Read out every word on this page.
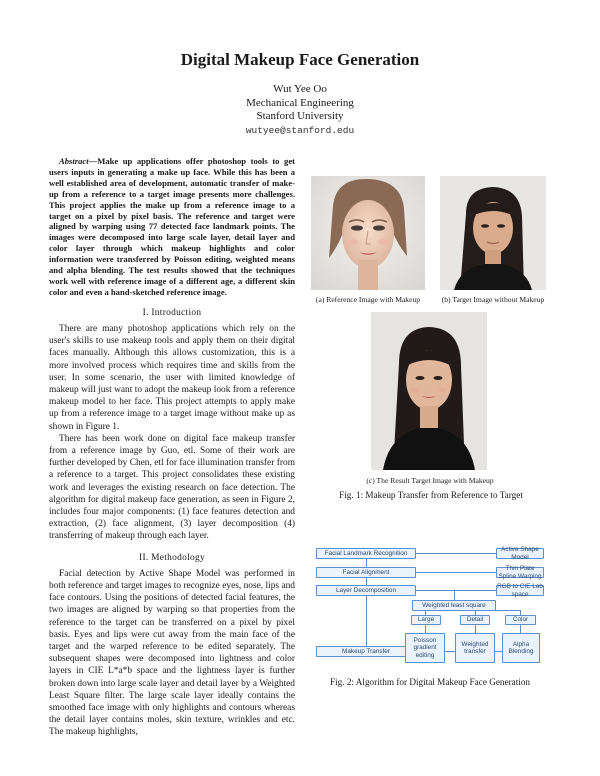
Digital Makeup Face Generation
Wut Yee Oo
Mechanical Engineering
Stanford University
wutyee@stanford.edu
Abstract—Make up applications offer photoshop tools to get users inputs in generating a make up face. While this has been a well established area of development, automatic transfer of make-up from a reference to a target image presents more challenges. This project applies the make up from a reference image to a target on a pixel by pixel basis. The reference and target were aligned by warping using 77 detected face landmark points. The images were decomposed into large scale layer, detail layer and color layer through which makeup highlights and color information were transferred by Poisson editing, weighted means and alpha blending. The test results showed that the techniques work well with reference image of a different age, a different skin color and even a hand-sketched reference image.
I. Introduction

There are many photoshop applications which rely on the user's skills to use makeup tools and apply them on their digital faces manually. Although this allows customization, this is a more involved process which requires time and skills from the user. In some scenario, the user with limited knowledge of makeup will just want to adopt the makeup look from a reference makeup model to her face. This project attempts to apply make up from a reference image to a target image without make up as shown in Figure 1.

There has been work done on digital face makeup transfer from a reference image by Guo, etl. Some of their work are further developed by Chen, etl for face illumination transfer from a reference to a target. This project consolidates these existing work and leverages the existing research on face detection. The algorithm for digital makeup face generation, as seen in Figure 2, includes four major components: (1) face features detection and extraction, (2) face alignment, (3) layer decomposition (4) transferring of makeup through each layer.

II. Methodology

Facial detection by Active Shape Model was performed in both reference and target images to recognize eyes, nose, lips and face contours. Using the positions of detected facial features, the two images are aligned by warping so that properties from the reference to the target can be transferred on a pixel by pixel basis. Eyes and lips were cut away from the main face of the target and the warped reference to be edited separately. The subsequent shapes were decomposed into lightness and color layers in CIE L*a*b space and the lightness layer is further broken down into large scale layer and detail layer by a Weighted Least Square filter. The large scale layer ideally contains the smoothed face image with only highlights and contours whereas the detail layer contains moles, skin texture, wrinkles and etc. The makeup highlights,

(a) Reference Image with Makeup	(b) Target Image without Makeup
(c) The Result Target Image with Makeup
Fig. 1: Makeup Transfer from Reference to Target
Facial Landmark Recognition
Facial Alignment
Layer Decomposition
Makeup Transfer
Active Shape Model
Thin Plate Spline Warping
RGB to CIE Lab space
Weighted least square
Large	Detail	Color
Poisson gradient editing
Weighted transfer
Alpha Blending
Fig. 2: Algorithm for Digital Makeup Face Generation
